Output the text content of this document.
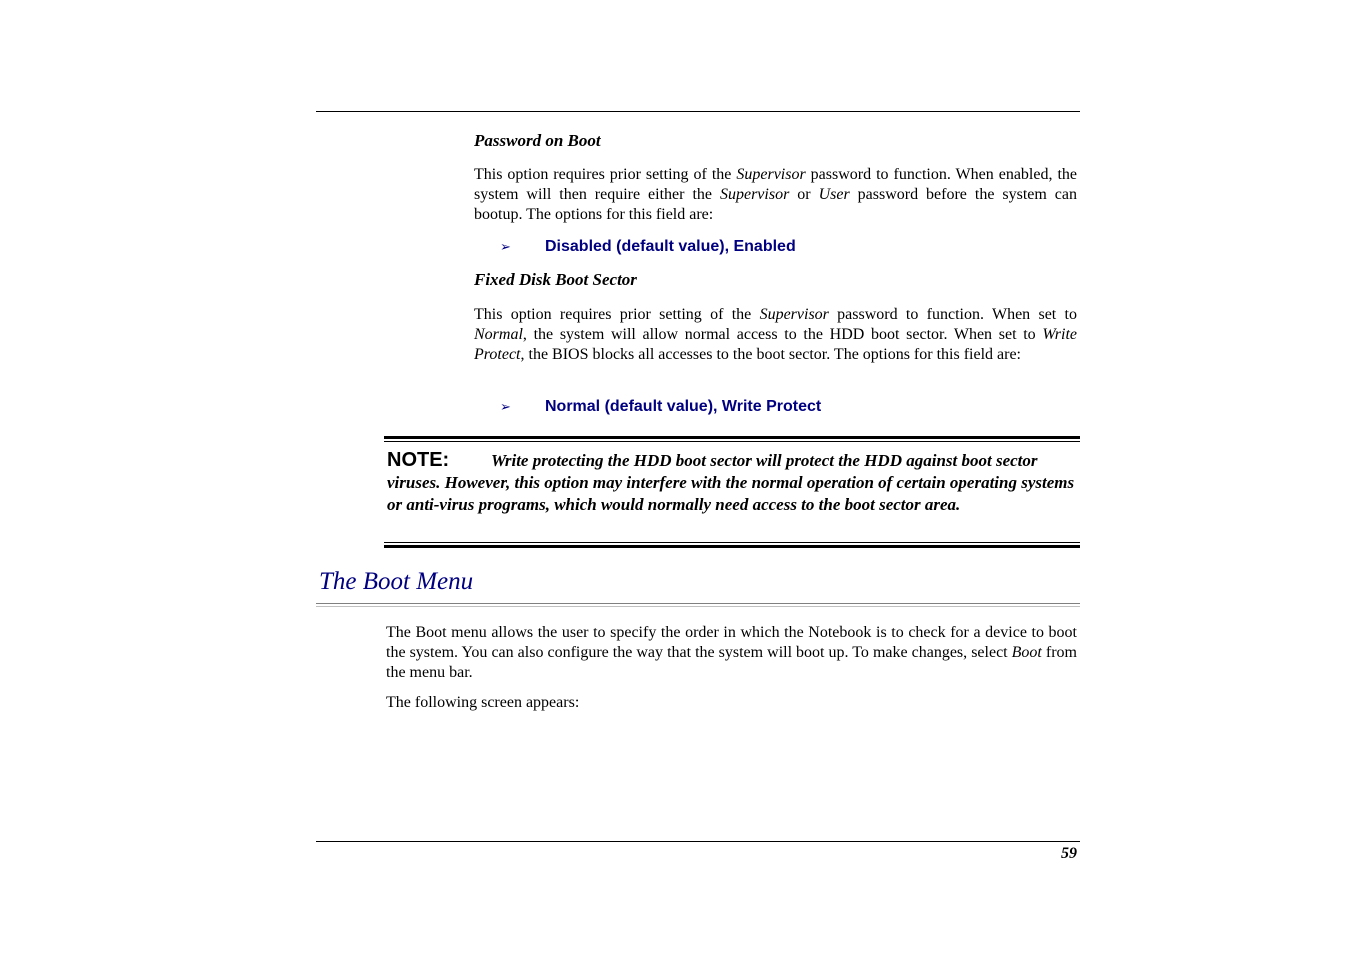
Password on Boot
This option requires prior setting of the Supervisor password to function. When enabled, the system will then require either the Supervisor or User password before the system can bootup. The options for this field are:
➢ Disabled (default value), Enabled
Fixed Disk Boot Sector
This option requires prior setting of the Supervisor password to function. When set to Normal, the system will allow normal access to the HDD boot sector. When set to Write Protect, the BIOS blocks all accesses to the boot sector. The options for this field are:
➢ Normal (default value), Write Protect
NOTE: Write protecting the HDD boot sector will protect the HDD against boot sector viruses. However, this option may interfere with the normal operation of certain operating systems or anti-virus programs, which would normally need access to the boot sector area.
The Boot Menu
The Boot menu allows the user to specify the order in which the Notebook is to check for a device to boot the system. You can also configure the way that the system will boot up. To make changes, select Boot from the menu bar.
The following screen appears:
59
